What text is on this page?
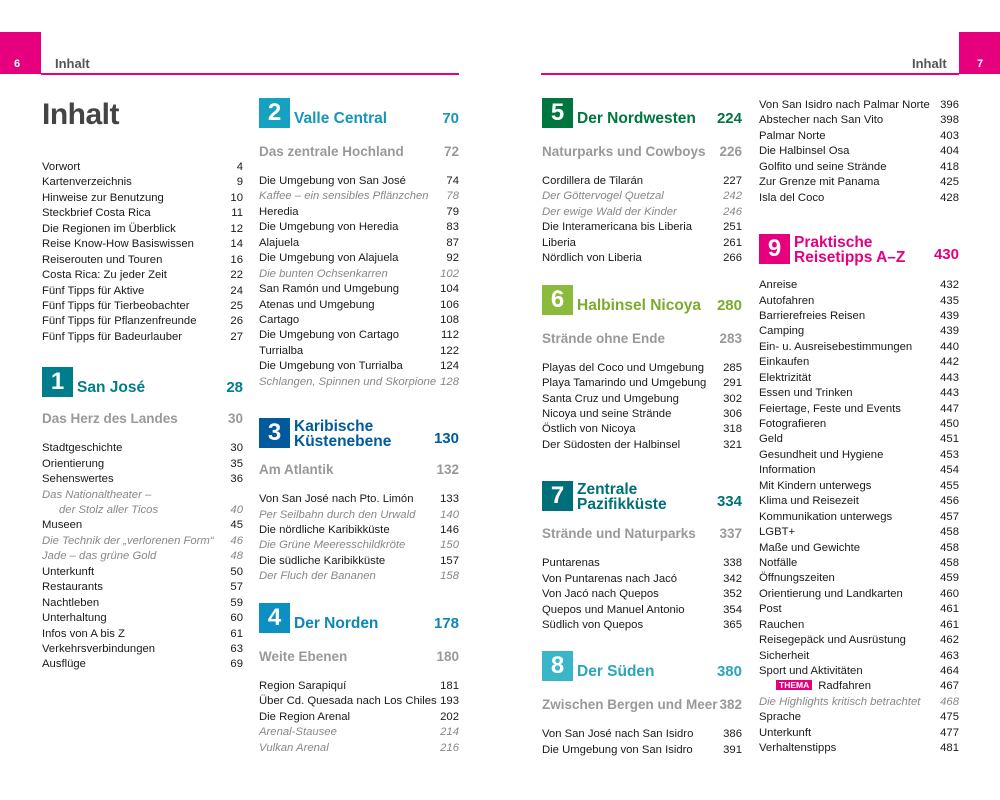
6	Inhalt	Inhalt	7
Inhalt
Vorwort	4
Kartenverzeichnis	9
Hinweise zur Benutzung	10
Steckbrief Costa Rica	11
Die Regionen im Überblick	12
Reise Know-How Basiswissen	14
Reiserouten und Touren	16
Costa Rica: Zu jeder Zeit	22
Fünf Tipps für Aktive	24
Fünf Tipps für Tierbeobachter	25
Fünf Tipps für Pflanzenfreunde	26
Fünf Tipps für Badeurlauber	27
1 San José	28
Das Herz des Landes	30
Stadtgeschichte	30
Orientierung	35
Sehenswertes	36
Das Nationaltheater –
der Stolz aller Ticos	40
Museen	45
Die Technik der „verlorenen Form“ 46
Jade – das grüne Gold	48
Unterkunft	50
Restaurants	57
Nachtleben	59
Unterhaltung	60
Infos von A bis Z	61
Verkehrsverbindungen	63
Ausflüge	69
2 Valle Central	70
Das zentrale Hochland	72
Die Umgebung von San José	74
Kaffee – ein sensibles Pflänzchen 78
Heredia	79
Die Umgebung von Heredia	83
Alajuela	87
Die Umgebung von Alajuela	92
Die bunten Ochsenkarren	102
San Ramón und Umgebung	104
Atenas und Umgebung	106
Cartago	108
Die Umgebung von Cartago	112
Turrialba	122
Die Umgebung von Turrialba	124
Schlangen, Spinnen und Skorpione 128
3 Karibische
Küstenebene	130
Am Atlantik	132
Von San José nach Pto. Limón 133
Per Seilbahn durch den Urwald 140
Die nördliche Karibikküste	146
Die Grüne Meeresschildkröte	150
Die südliche Karibikküste	157
Der Fluch der Bananen	158
4 Der Norden	178
Weite Ebenen	180
Region Sarapiquí	181
Über Cd. Quesada nach Los Chiles 193
Die Region Arenal	202
Arenal-Stausee	214
Vulkan Arenal	216
5 Der Nordwesten 224
Naturparks und Cowboys 226
Cordillera de Tilarán	227
Der Göttervogel Quetzal	242
Der ewige Wald der Kinder	246
Die Interamericana bis Liberia	251
Liberia	261
Nördlich von Liberia	266
6 Halbinsel Nicoya 280
Strände ohne Ende	283
Playas del Coco und Umgebung 285
Playa Tamarindo und Umgebung 291
Santa Cruz und Umgebung	302
Nicoya und seine Strände	306
Östlich von Nicoya	318
Der Südosten der Halbinsel	321
7 Zentrale
Pazifikküste	334
Strände und Naturparks 337
Puntarenas	338
Von Puntarenas nach Jacó	342
Von Jacó nach Quepos	352
Quepos und Manuel Antonio	354
Südlich von Quepos	365
8 Der Süden	380
Zwischen Bergen und Meer 382
Von San José nach San Isidro	386
Die Umgebung von San Isidro	391
Von San Isidro nach Palmar Norte 396
Abstecher nach San Vito	398
Palmar Norte	403
Die Halbinsel Osa	404
Golfito und seine Strände	418
Zur Grenze mit Panama	425
Isla del Coco	428
9 Praktische
Reisetipps A–Z 430
Anreise	432
Autofahren	435
Barrierefreies Reisen	439
Camping	439
Ein- u. Ausreisebestimmungen 440
Einkaufen	442
Elektrizität	443
Essen und Trinken	443
Feiertage, Feste und Events	447
Fotografieren	450
Geld	451
Gesundheit und Hygiene	453
Information	454
Mit Kindern unterwegs	455
Klima und Reisezeit	456
Kommunikation unterwegs	457
LGBT+	458
Maße und Gewichte	458
Notfälle	458
Öffnungszeiten	459
Orientierung und Landkarten	460
Post	461
Rauchen	461
Reisegepäck und Ausrüstung	462
Sicherheit	463
Sport und Aktivitäten	464
THEMA Radfahren	467
Die Highlights kritisch betrachtet 468
Sprache	475
Unterkunft	477
Verhaltenstipps	481
